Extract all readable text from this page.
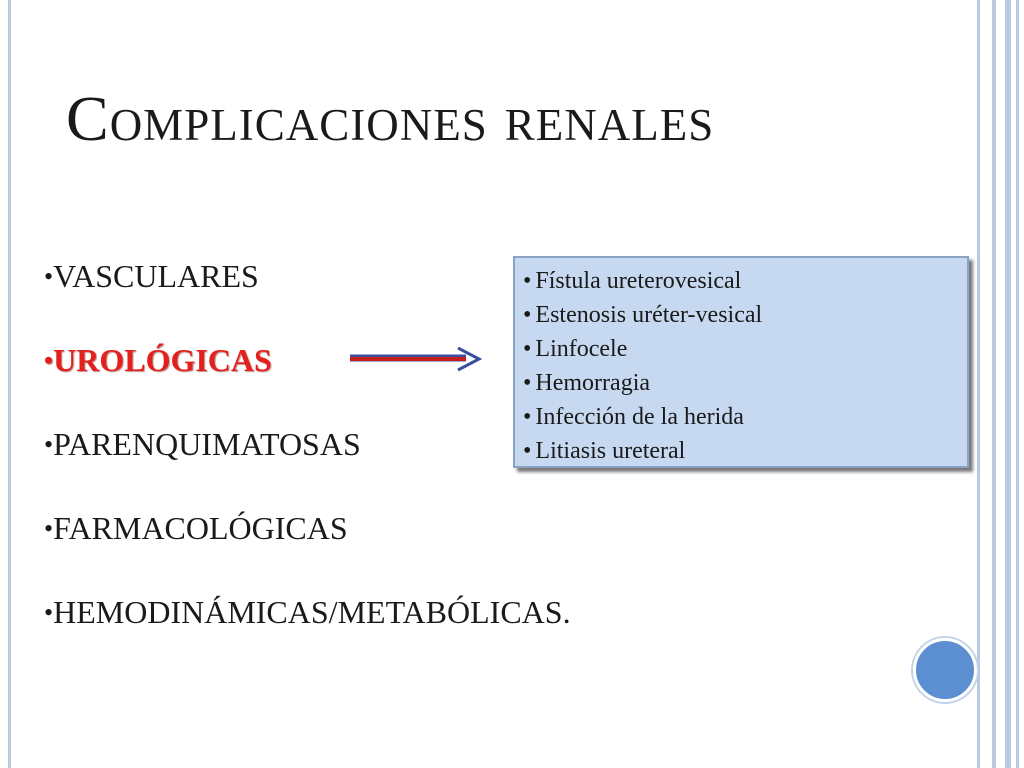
Complicaciones renales
•VASCULARES
•UROLÓGICAS
•PARENQUIMATOSAS
•FARMACOLÓGICAS
•HEMODINÁMICAS/METABÓLICAS.
• Fístula ureterovesical
• Estenosis uréter-vesical
• Linfocele
• Hemorragia
• Infección de la herida
• Litiasis ureteral
